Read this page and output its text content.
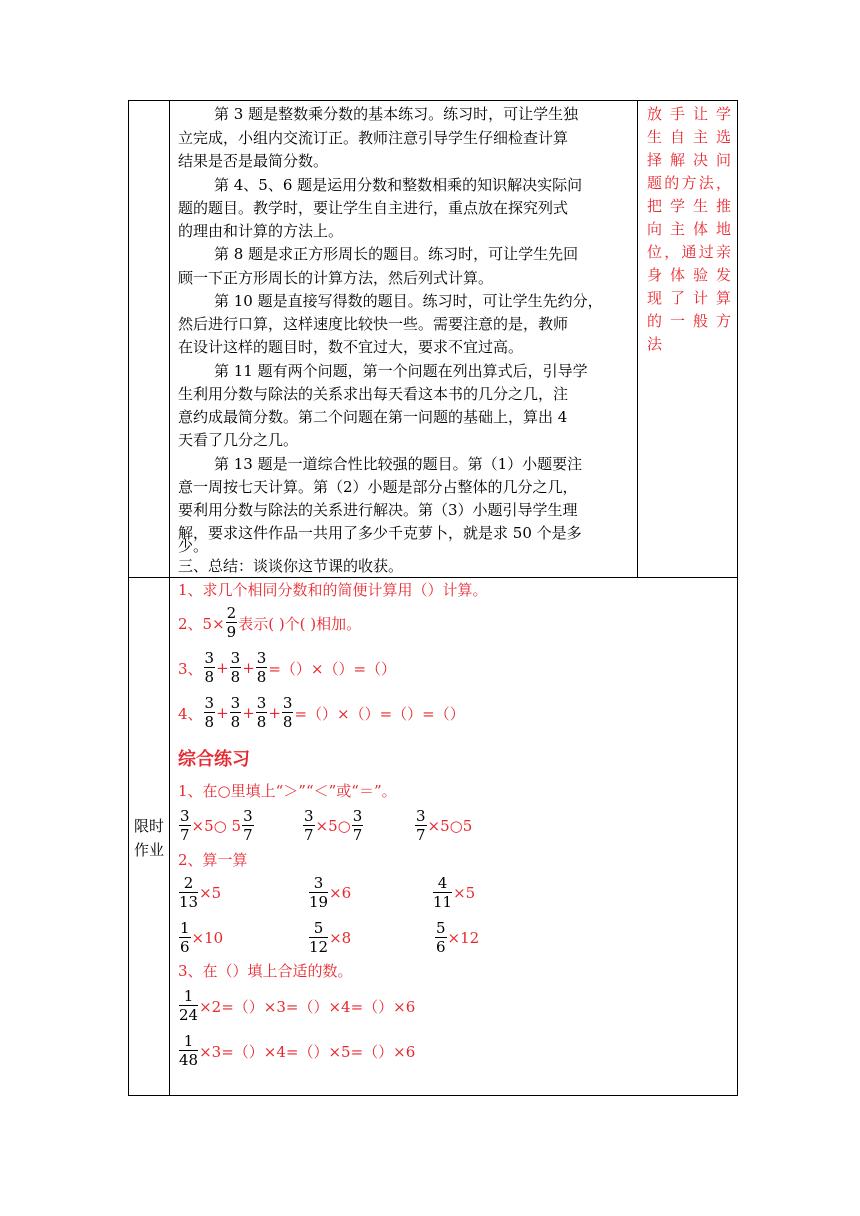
第 3 题是整数乘分数的基本练习。练习时，可让学生独
立完成，小组内交流订正。教师注意引导学生仔细检查计算
结果是否是最简分数。
第 4、5、6 题是运用分数和整数相乘的知识解决实际问
题的题目。教学时，要让学生自主进行，重点放在探究列式
的理由和计算的方法上。
第 8 题是求正方形周长的题目。练习时，可让学生先回
顾一下正方形周长的计算方法，然后列式计算。
第 10 题是直接写得数的题目。练习时，可让学生先约分，
然后进行口算，这样速度比较快一些。需要注意的是，教师
在设计这样的题目时，数不宜过大，要求不宜过高。
第 11 题有两个问题，第一个问题在列出算式后，引导学
生利用分数与除法的关系求出每天看这本书的几分之几，注
意约成最简分数。第二个问题在第一问题的基础上，算出 4
天看了几分之几。
第 13 题是一道综合性比较强的题目。第（1）小题要注
意一周按七天计算。第（2）小题是部分占整体的几分之几，
要利用分数与除法的关系进行解决。第（3）小题引导学生理
解，要求这件作品一共用了多少千克萝卜，就是求 50 个是多
少。
三、总结：谈谈你这节课的收获。
放手让学
生自主选
择解决问
题的方法，
把学生推
向主体地
位，通过亲
身体验发
现了计算
的一般方
法
限时
作业
1、求几个相同分数和的简便计算用（）计算。
2、$5\times \frac{2}{9}$ 表示( )个( )相加。
3、 $\frac{3}{8} + \frac{3}{8} + \frac{3}{8}$ =（）×（）=（）
4、 $\frac{3}{8} + \frac{3}{8} + \frac{3}{8} + \frac{3}{8}$ =（）×（）=（）=（）
综合练习
1、在○里填上“＞”“＜”或“＝”。
$\frac{3}{7}$ ×5○ $5 \frac{3}{7}$	$\frac{3}{7}$ ×5○ $\frac{3}{7}$	$\frac{3}{7}$ ×5○5
2、算一算
$\frac{2}{13} \times 5$	$\frac{3}{19} \times 6$	$\frac{4}{11} \times 5$
$\frac{1}{6} \times 10$	$\frac{5}{12} \times 8$	$\frac{5}{6} \times 12$
3、在（）填上合适的数。
$\frac{1}{24} \times 2=()\times 3=()\times 4=()\times 6$
$\frac{1}{48} \times 3=()\times 4=()\times 5=()\times 6$
